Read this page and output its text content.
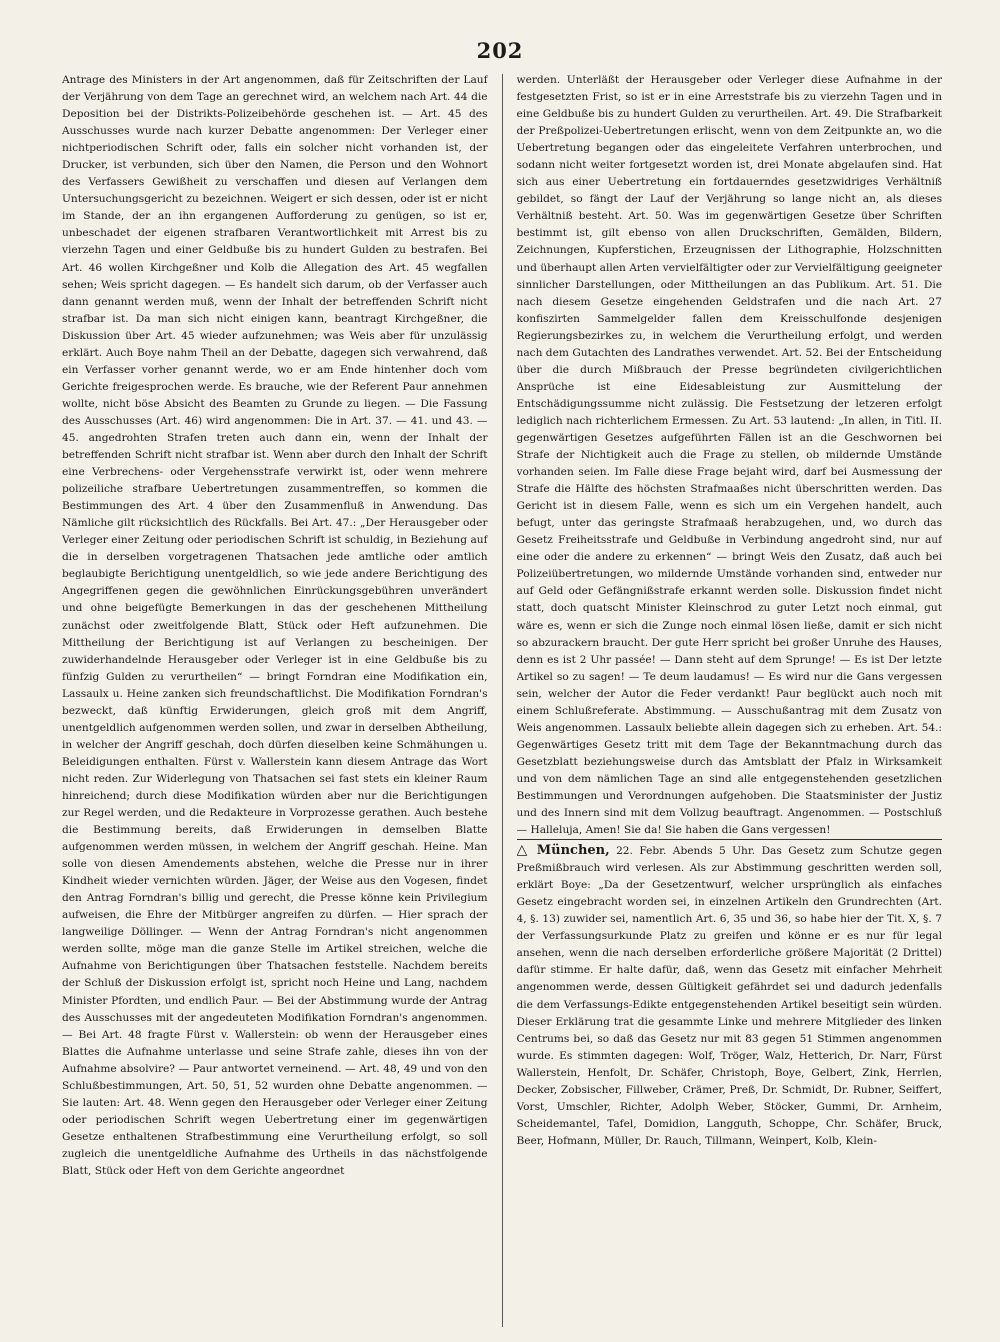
202

Antrage des Ministers in der Art angenommen, daß für Zeitschriften der Lauf der Verjährung von dem Tage an gerechnet wird, an welchem nach Art. 44 die Deposition bei der Distrikts-Polizeibehörde geschehen ist. — Art. 45 des Ausschusses wurde nach kurzer Debatte angenommen: Der Verleger einer nichtperiodischen Schrift oder, falls ein solcher nicht vorhanden ist, der Drucker, ist verbunden, sich über den Namen, die Person und den Wohnort des Verfassers Gewißheit zu verschaffen und diesen auf Verlangen dem Untersuchungsgericht zu bezeichnen. Weigert er sich dessen, oder ist er nicht im Stande, der an ihn ergangenen Aufforderung zu genügen, so ist er, unbeschadet der eigenen strafbaren Verantwortlichkeit mit Arrest bis zu vierzehn Tagen und einer Geldbuße bis zu hundert Gulden zu bestrafen. Bei Art. 46 wollen Kirchgeßner und Kolb die Allegation des Art. 45 wegfallen sehen; Weis spricht dagegen. — Es handelt sich darum, ob der Verfasser auch dann genannt werden muß, wenn der Inhalt der betreffenden Schrift nicht strafbar ist. Da man sich nicht einigen kann, beantragt Kirchgeßner, die Diskussion über Art. 45 wieder aufzunehmen; was Weis aber für unzulässig erklärt. Auch Boye nahm Theil an der Debatte, dagegen sich verwahrend, daß ein Verfasser vorher genannt werde, wo er am Ende hintenher doch vom Gerichte freigesprochen werde. Es brauche, wie der Referent Paur annehmen wollte, nicht böse Absicht des Beamten zu Grunde zu liegen. — Die Fassung des Ausschusses (Art. 46) wird angenommen: Die in Art. 37. — 41. und 43. — 45. angedrohten Strafen treten auch dann ein, wenn der Inhalt der betreffenden Schrift nicht strafbar ist. Wenn aber durch den Inhalt der Schrift eine Verbrechens- oder Vergehensstrafe verwirkt ist, oder wenn mehrere polizeiliche strafbare Uebertretungen zusammentreffen, so kommen die Bestimmungen des Art. 4 über den Zusammenfluß in Anwendung. Das Nämliche gilt rücksichtlich des Rückfalls. Bei Art. 47.: „Der Herausgeber oder Verleger einer Zeitung oder periodischen Schrift ist schuldig, in Beziehung auf die in derselben vorgetragenen Thatsachen jede amtliche oder amtlich beglaubigte Berichtigung unentgeldlich, so wie jede andere Berichtigung des Angegriffenen gegen die gewöhnlichen Einrückungsgebühren unverändert und ohne beigefügte Bemerkungen in das der geschehenen Mittheilung zunächst oder zweitfolgende Blatt, Stück oder Heft aufzunehmen. Die Mittheilung der Berichtigung ist auf Verlangen zu bescheinigen. Der zuwiderhandelnde Herausgeber oder Verleger ist in eine Geldbuße bis zu fünfzig Gulden zu verurtheilen“ — bringt Forndran eine Modifikation ein, Lassaulx u. Heine zanken sich freundschaftlichst. Die Modifikation Forndran's bezweckt, daß künftig Erwiderungen, gleich groß mit dem Angriff, unentgeldlich aufgenommen werden sollen, und zwar in derselben Abtheilung, in welcher der Angriff geschah, doch dürfen dieselben keine Schmähungen u. Beleidigungen enthalten. Fürst v. Wallerstein kann diesem Antrage das Wort nicht reden. Zur Widerlegung von Thatsachen sei fast stets ein kleiner Raum hinreichend; durch diese Modifikation würden aber nur die Berichtigungen zur Regel werden, und die Redakteure in Vorprozesse gerathen. Auch bestehe die Bestimmung bereits, daß Erwiderungen in demselben Blatte aufgenommen werden müssen, in welchem der Angriff geschah. Heine. Man solle von diesen Amendements abstehen, welche die Presse nur in ihrer Kindheit wieder vernichten würden. Jäger, der Weise aus den Vogesen, findet den Antrag Forndran's billig und gerecht, die Presse könne kein Privilegium aufweisen, die Ehre der Mitbürger angreifen zu dürfen. — Hier sprach der langweilige Döllinger. — Wenn der Antrag Forndran's nicht angenommen werden sollte, möge man die ganze Stelle im Artikel streichen, welche die Aufnahme von Berichtigungen über Thatsachen feststelle. Nachdem bereits der Schluß der Diskussion erfolgt ist, spricht noch Heine und Lang, nachdem Minister Pfordten, und endlich Paur. — Bei der Abstimmung wurde der Antrag des Ausschusses mit der angedeuteten Modifikation Forndran's angenommen. — Bei Art. 48 fragte Fürst v. Wallerstein: ob wenn der Herausgeber eines Blattes die Aufnahme unterlasse und seine Strafe zahle, dieses ihn von der Aufnahme absolvire? — Paur antwortet verneinend. — Art. 48, 49 und von den Schlußbestimmungen, Art. 50, 51, 52 wurden ohne Debatte angenommen. — Sie lauten: Art. 48. Wenn gegen den Herausgeber oder Verleger einer Zeitung oder periodischen Schrift wegen Uebertretung einer im gegenwärtigen Gesetze enthaltenen Strafbestimmung eine Verurtheilung erfolgt, so soll zugleich die unentgeldliche Aufnahme des Urtheils in das nächstfolgende Blatt, Stück oder Heft von dem Gerichte angeordnet

werden. Unterläßt der Herausgeber oder Verleger diese Aufnahme in der festgesetzten Frist, so ist er in eine Arreststrafe bis zu vierzehn Tagen und in eine Geldbuße bis zu hundert Gulden zu verurtheilen. Art. 49. Die Strafbarkeit der Preßpolizei-Uebertretungen erlischt, wenn von dem Zeitpunkte an, wo die Uebertretung begangen oder das eingeleitete Verfahren unterbrochen, und sodann nicht weiter fortgesetzt worden ist, drei Monate abgelaufen sind. Hat sich aus einer Uebertretung ein fortdauerndes gesetzwidriges Verhältniß gebildet, so fängt der Lauf der Verjährung so lange nicht an, als dieses Verhältniß besteht. Art. 50. Was im gegenwärtigen Gesetze über Schriften bestimmt ist, gilt ebenso von allen Druckschriften, Gemälden, Bildern, Zeichnungen, Kupferstichen, Erzeugnissen der Lithographie, Holzschnitten und überhaupt allen Arten vervielfältigter oder zur Vervielfältigung geeigneter sinnlicher Darstellungen, oder Mittheilungen an das Publikum. Art. 51. Die nach diesem Gesetze eingehenden Geldstrafen und die nach Art. 27 konfiszirten Sammelgelder fallen dem Kreisschulfonde desjenigen Regierungsbezirkes zu, in welchem die Verurtheilung erfolgt, und werden nach dem Gutachten des Landrathes verwendet. Art. 52. Bei der Entscheidung über die durch Mißbrauch der Presse begründeten civilgerichtlichen Ansprüche ist eine Eidesableistung zur Ausmittelung der Entschädigungssumme nicht zulässig. Die Festsetzung der letzeren erfolgt lediglich nach richterlichem Ermessen. Zu Art. 53 lautend: „In allen, in Titl. II. gegenwärtigen Gesetzes aufgeführten Fällen ist an die Geschwornen bei Strafe der Nichtigkeit auch die Frage zu stellen, ob mildernde Umstände vorhanden seien. Im Falle diese Frage bejaht wird, darf bei Ausmessung der Strafe die Hälfte des höchsten Strafmaaßes nicht überschritten werden. Das Gericht ist in diesem Falle, wenn es sich um ein Vergehen handelt, auch befugt, unter das geringste Strafmaaß herabzugehen, und, wo durch das Gesetz Freiheitsstrafe und Geldbuße in Verbindung angedroht sind, nur auf eine oder die andere zu erkennen“ — bringt Weis den Zusatz, daß auch bei Polizeiübertretungen, wo mildernde Umstände vorhanden sind, entweder nur auf Geld oder Gefängnißstrafe erkannt werden solle. Diskussion findet nicht statt, doch quatscht Minister Kleinschrod zu guter Letzt noch einmal, gut wäre es, wenn er sich die Zunge noch einmal lösen ließe, damit er sich nicht so abzurackern braucht. Der gute Herr spricht bei großer Unruhe des Hauses, denn es ist 2 Uhr passée! — Dann steht auf dem Sprunge! — Es ist Der letzte Artikel so zu sagen! — Te deum laudamus! — Es wird nur die Gans vergessen sein, welcher der Autor die Feder verdankt! Paur beglückt auch noch mit einem Schlußreferate. Abstimmung. — Ausschußantrag mit dem Zusatz von Weis angenommen. Lassaulx beliebte allein dagegen sich zu erheben. Art. 54.: Gegenwärtiges Gesetz tritt mit dem Tage der Bekanntmachung durch das Gesetzblatt beziehungsweise durch das Amtsblatt der Pfalz in Wirksamkeit und von dem nämlichen Tage an sind alle entgegenstehenden gesetzlichen Bestimmungen und Verordnungen aufgehoben. Die Staatsminister der Justiz und des Innern sind mit dem Vollzug beauftragt. Angenommen. — Postschluß — Halleluja, Amen! Sie da! Sie haben die Gans vergessen!

△ München, 22. Febr. Abends 5 Uhr. Das Gesetz zum Schutze gegen Preßmißbrauch wird verlesen. Als zur Abstimmung geschritten werden soll, erklärt Boye: „Da der Gesetzentwurf, welcher ursprünglich als einfaches Gesetz eingebracht worden sei, in einzelnen Artikeln den Grundrechten (Art. 4, §. 13) zuwider sei, namentlich Art. 6, 35 und 36, so habe hier der Tit. X, §. 7 der Verfassungsurkunde Platz zu greifen und könne er es nur für legal ansehen, wenn die nach derselben erforderliche größere Majorität (2 Drittel) dafür stimme. Er halte dafür, daß, wenn das Gesetz mit einfacher Mehrheit angenommen werde, dessen Gültigkeit gefährdet sei und dadurch jedenfalls die dem Verfassungs-Edikte entgegenstehenden Artikel beseitigt sein würden. Dieser Erklärung trat die gesammte Linke und mehrere Mitglieder des linken Centrums bei, so daß das Gesetz nur mit 83 gegen 51 Stimmen angenommen wurde. Es stimmten dagegen: Wolf, Tröger, Walz, Hetterich, Dr. Narr, Fürst Wallerstein, Henfolt, Dr. Schäfer, Christoph, Boye, Gelbert, Zink, Herrlen, Decker, Zobsischer, Fillweber, Crämer, Preß, Dr. Schmidt, Dr. Rubner, Seiffert, Vorst, Umschler, Richter, Adolph Weber, Stöcker, Gummi, Dr. Arnheim, Scheidemantel, Tafel, Domidion, Langguth, Schoppe, Chr. Schäfer, Bruck, Beer, Hofmann, Müller, Dr. Rauch, Tillmann, Weinpert, Kolb, Klein-
